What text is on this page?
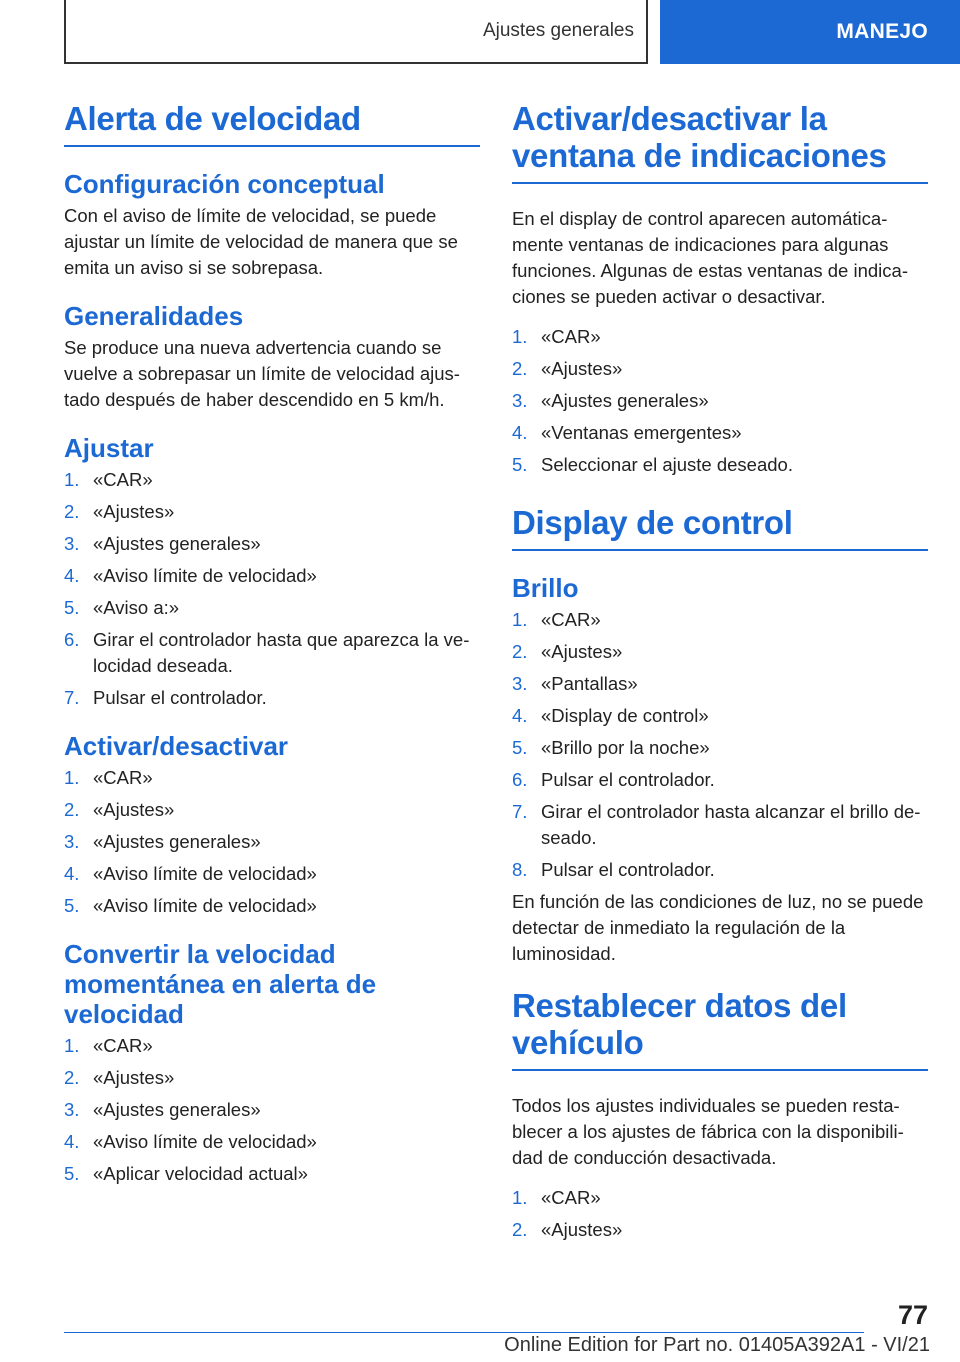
Ajustes generales	MANEJO
Alerta de velocidad
Configuración conceptual

Con el aviso de límite de velocidad, se puede ajustar un límite de velocidad de manera que se emita un aviso si se sobrepasa.

Generalidades

Se produce una nueva advertencia cuando se vuelve a sobrepasar un límite de velocidad ajustado después de haber descendido en 5 km/h.

Ajustar
1. «CAR»
2. «Ajustes»
3. «Ajustes generales»
4. «Aviso límite de velocidad»
5. «Aviso a:»
6. Girar el controlador hasta que aparezca la velocidad deseada.
7. Pulsar el controlador.
Activar/desactivar
1. «CAR»
2. «Ajustes»
3. «Ajustes generales»
4. «Aviso límite de velocidad»
5. «Aviso límite de velocidad»
Convertir la velocidad momentánea en alerta de velocidad
1. «CAR»
2. «Ajustes»
3. «Ajustes generales»
4. «Aviso límite de velocidad»
5. «Aplicar velocidad actual»
Activar/desactivar la ventana de indicaciones

En el display de control aparecen automáticamente ventanas de indicaciones para algunas funciones. Algunas de estas ventanas de indicaciones se pueden activar o desactivar.

1. «CAR»
2. «Ajustes»
3. «Ajustes generales»
4. «Ventanas emergentes»
5. Seleccionar el ajuste deseado.
Display de control
Brillo
1. «CAR»
2. «Ajustes»
3. «Pantallas»
4. «Display de control»
5. «Brillo por la noche»
6. Pulsar el controlador.
7. Girar el controlador hasta alcanzar el brillo deseado.
8. Pulsar el controlador.

En función de las condiciones de luz, no se puede detectar de inmediato la regulación de la luminosidad.

Restablecer datos del vehículo

Todos los ajustes individuales se pueden restablecer a los ajustes de fábrica con la disponibilidad de conducción desactivada.

1. «CAR»
2. «Ajustes»
77
Online Edition for Part no. 01405A392A1 - VI/21
